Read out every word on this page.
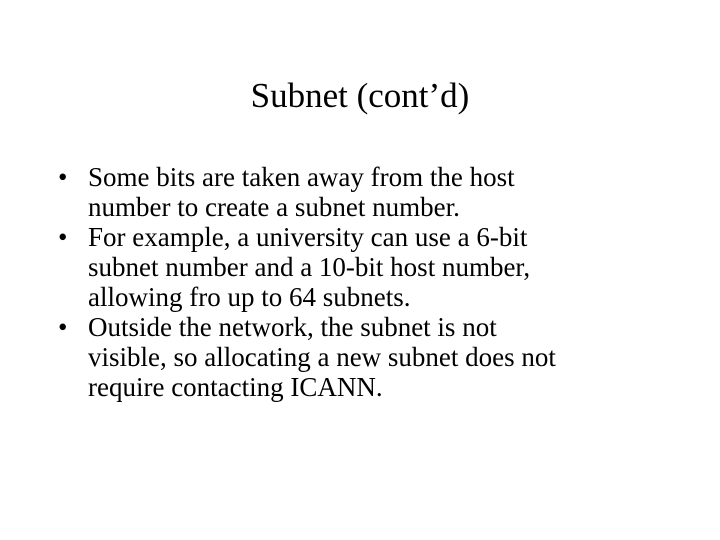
Subnet (cont’d)
• Some bits are taken away from the host
number to create a subnet number.
• For example, a university can use a 6-bit
subnet number and a 10-bit host number,
allowing fro up to 64 subnets.
• Outside the network, the subnet is not
visible, so allocating a new subnet does not
require contacting ICANN.
